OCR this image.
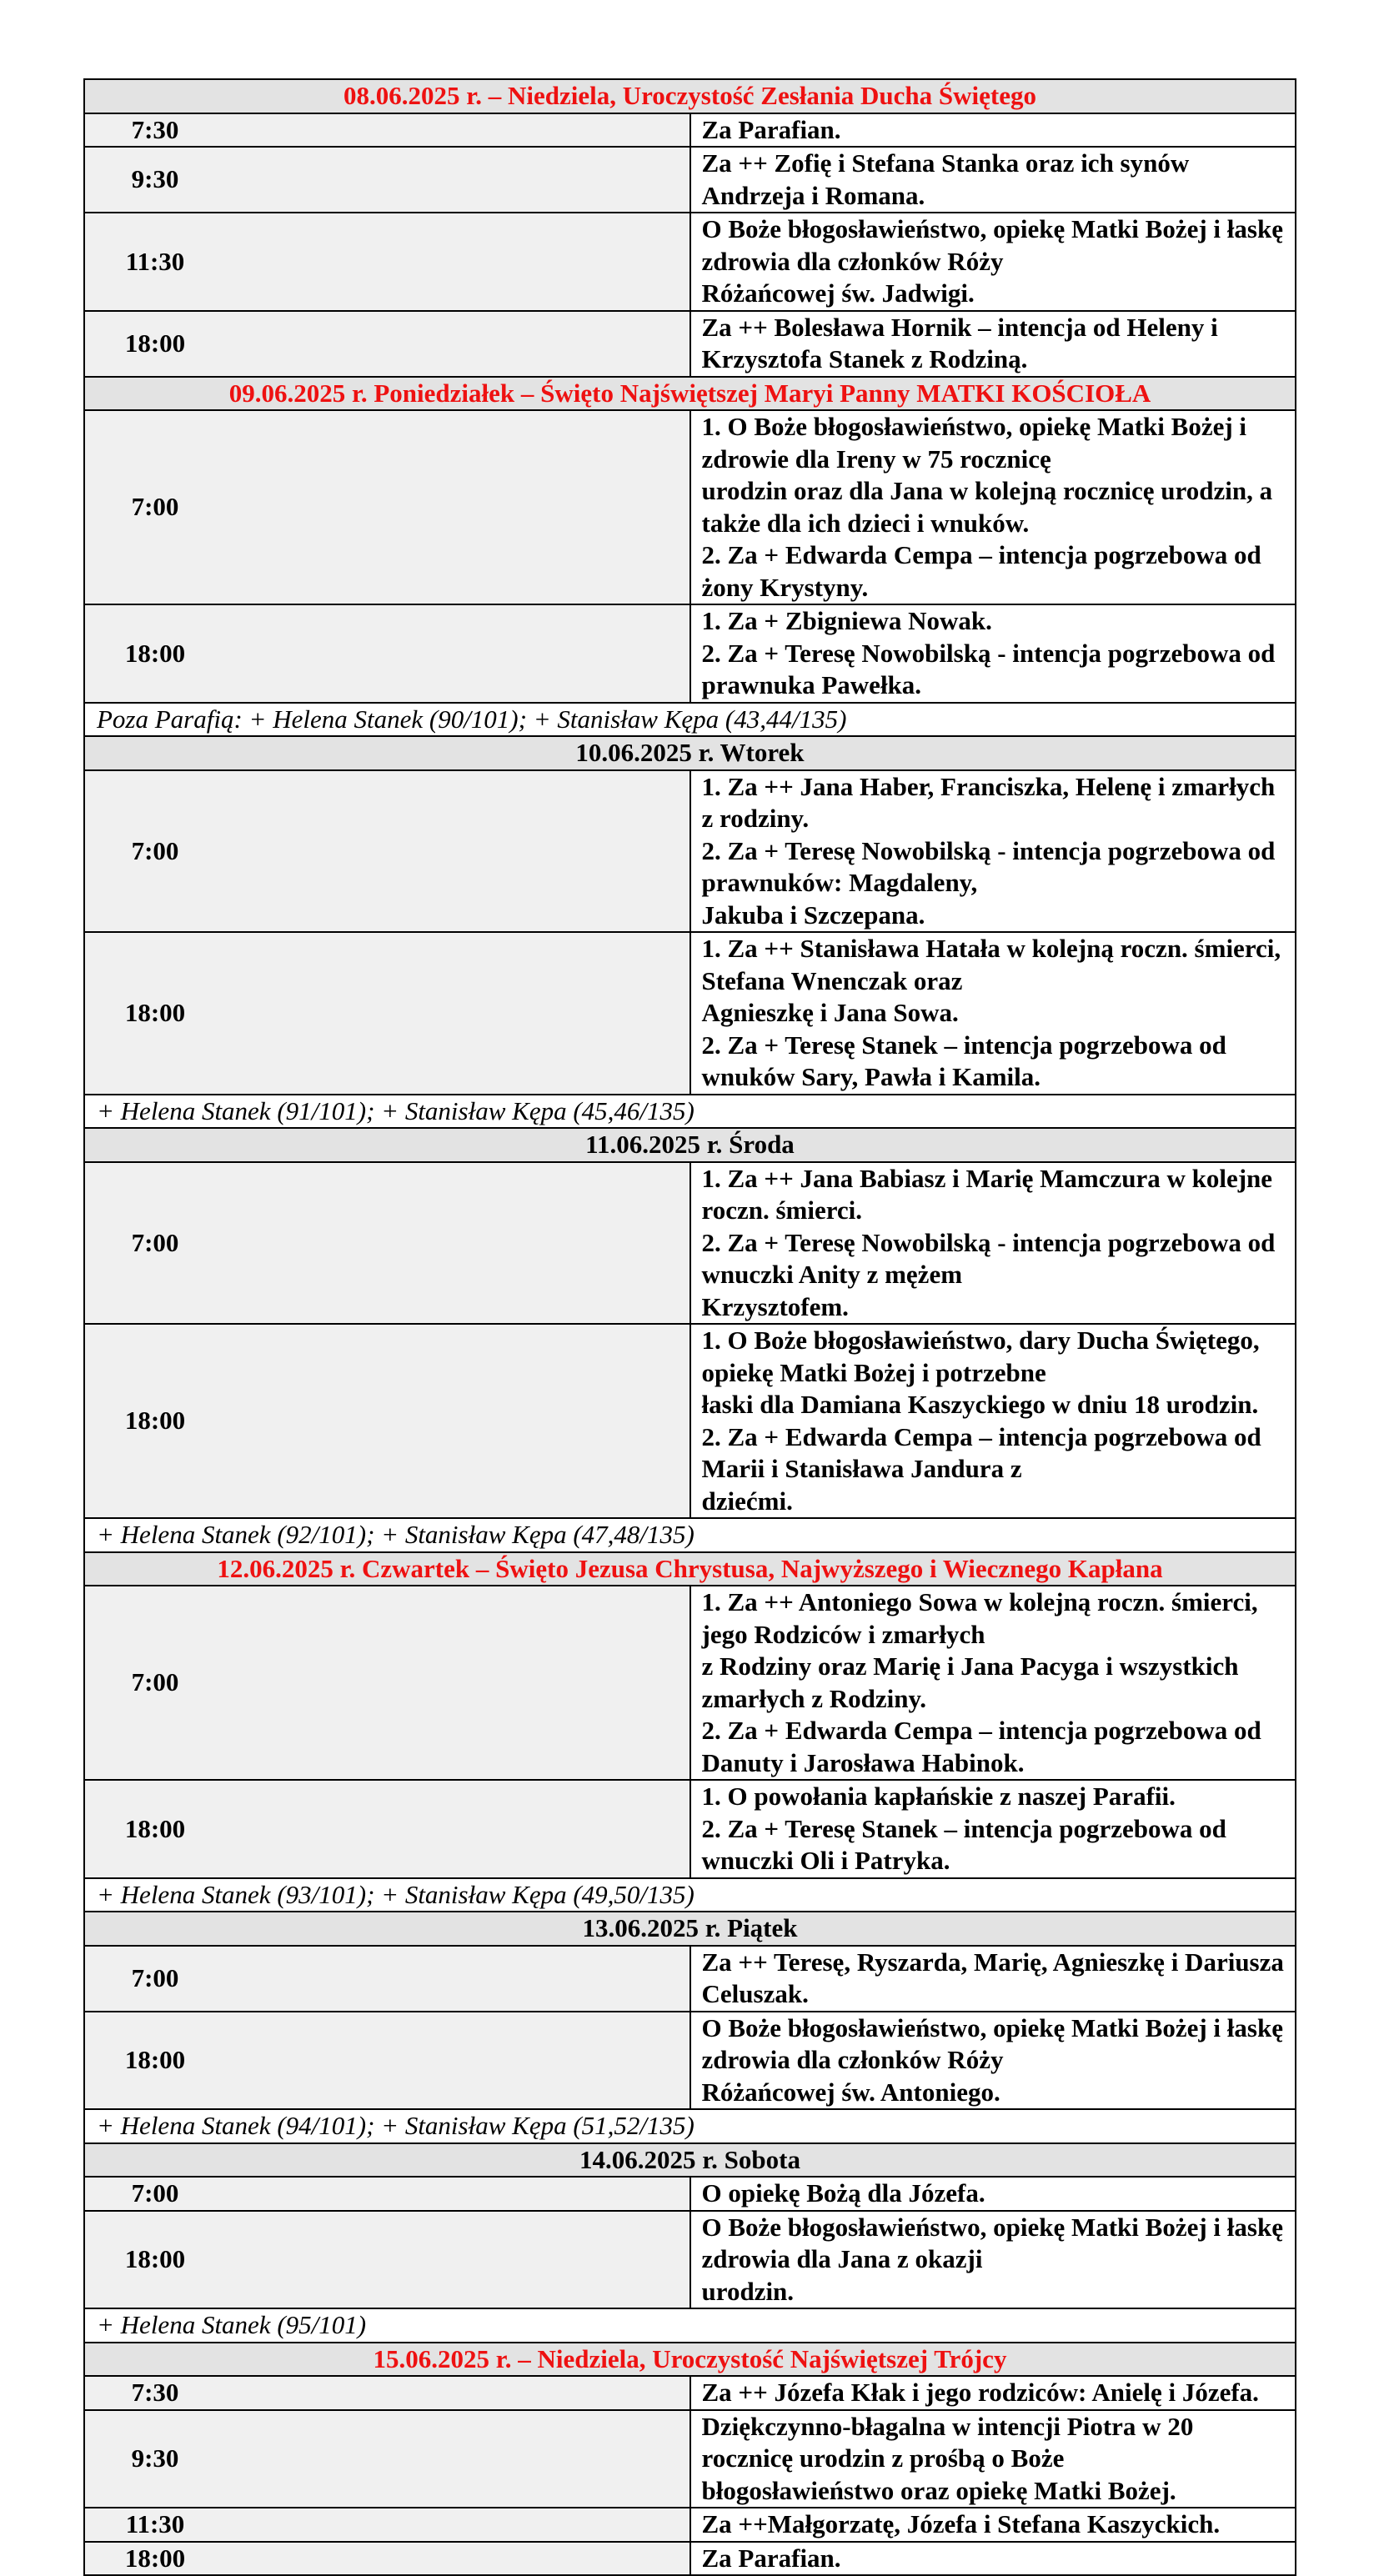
08.06.2025 r. – Niedziela, Uroczystość Zesłania Ducha Świętego	

7:30	Za Parafian.

9:30	Za ++ Zofię i Stefana Stanka oraz ich synów Andrzeja i Romana.

11:30	O Boże błogosławieństwo, opiekę Matki Bożej i łaskę zdrowia dla członków Róży
Różańcowej św. Jadwigi.

18:00	Za ++ Bolesława Hornik – intencja od Heleny i Krzysztofa Stanek z Rodziną.

09.06.2025 r. Poniedziałek – Święto Najświętszej Maryi Panny MATKI KOŚCIOŁA	

7:00	1. O Boże błogosławieństwo, opiekę Matki Bożej i zdrowie dla Ireny w 75 rocznicę
urodzin oraz dla Jana w kolejną rocznicę urodzin, a także dla ich dzieci i wnuków.
2. Za + Edwarda Cempa – intencja pogrzebowa od żony Krystyny.

18:00	1. Za + Zbigniewa Nowak.
2. Za + Teresę Nowobilską - intencja pogrzebowa od prawnuka Pawełka.

Poza Parafią: + Helena Stanek (90/101); + Stanisław Kępa (43,44/135)	
10.06.2025 r. Wtorek	

7:00	1. Za ++ Jana Haber, Franciszka, Helenę i zmarłych z rodziny.
2. Za + Teresę Nowobilską - intencja pogrzebowa od prawnuków: Magdaleny,
Jakuba i Szczepana.

18:00	1. Za ++ Stanisława Hatała w kolejną roczn. śmierci, Stefana Wnenczak oraz
Agnieszkę i Jana Sowa.
2. Za + Teresę Stanek – intencja pogrzebowa od wnuków Sary, Pawła i Kamila.

+ Helena Stanek (91/101); + Stanisław Kępa (45,46/135)	
11.06.2025 r. Środa	

7:00	1. Za ++ Jana Babiasz i Marię Mamczura w kolejne roczn. śmierci.
2. Za + Teresę Nowobilską - intencja pogrzebowa od wnuczki Anity z mężem
Krzysztofem.

18:00	1. O Boże błogosławieństwo, dary Ducha Świętego, opiekę Matki Bożej i potrzebne
łaski dla Damiana Kaszyckiego w dniu 18 urodzin.
2. Za + Edwarda Cempa – intencja pogrzebowa od Marii i Stanisława Jandura z
dziećmi.

+ Helena Stanek (92/101); + Stanisław Kępa (47,48/135)	
12.06.2025 r. Czwartek – Święto Jezusa Chrystusa, Najwyższego i Wiecznego Kapłana	

7:00	1. Za ++ Antoniego Sowa w kolejną roczn. śmierci, jego Rodziców i zmarłych
z Rodziny oraz Marię i Jana Pacyga i wszystkich zmarłych z Rodziny.
2. Za + Edwarda Cempa – intencja pogrzebowa od Danuty i Jarosława Habinok.

18:00	1. O powołania kapłańskie z naszej Parafii.
2. Za + Teresę Stanek – intencja pogrzebowa od wnuczki Oli i Patryka.

+ Helena Stanek (93/101); + Stanisław Kępa (49,50/135)	
13.06.2025 r. Piątek	

7:00	Za ++ Teresę, Ryszarda, Marię, Agnieszkę i Dariusza Celuszak.

18:00	O Boże błogosławieństwo, opiekę Matki Bożej i łaskę zdrowia dla członków Róży
Różańcowej św. Antoniego.

+ Helena Stanek (94/101); + Stanisław Kępa (51,52/135)	
14.06.2025 r. Sobota	

7:00	O opiekę Bożą dla Józefa.

18:00	O Boże błogosławieństwo, opiekę Matki Bożej i łaskę zdrowia dla Jana z okazji
urodzin.

+ Helena Stanek (95/101)	
15.06.2025 r. – Niedziela, Uroczystość Najświętszej Trójcy	

7:30	Za ++ Józefa Kłak i jego rodziców: Anielę i Józefa.

9:30	Dziękczynno-błagalna w intencji Piotra w 20 rocznicę urodzin z prośbą o Boże
błogosławieństwo oraz opiekę Matki Bożej.

11:30	Za ++Małgorzatę, Józefa i Stefana Kaszyckich.

18:00	Za Parafian.
